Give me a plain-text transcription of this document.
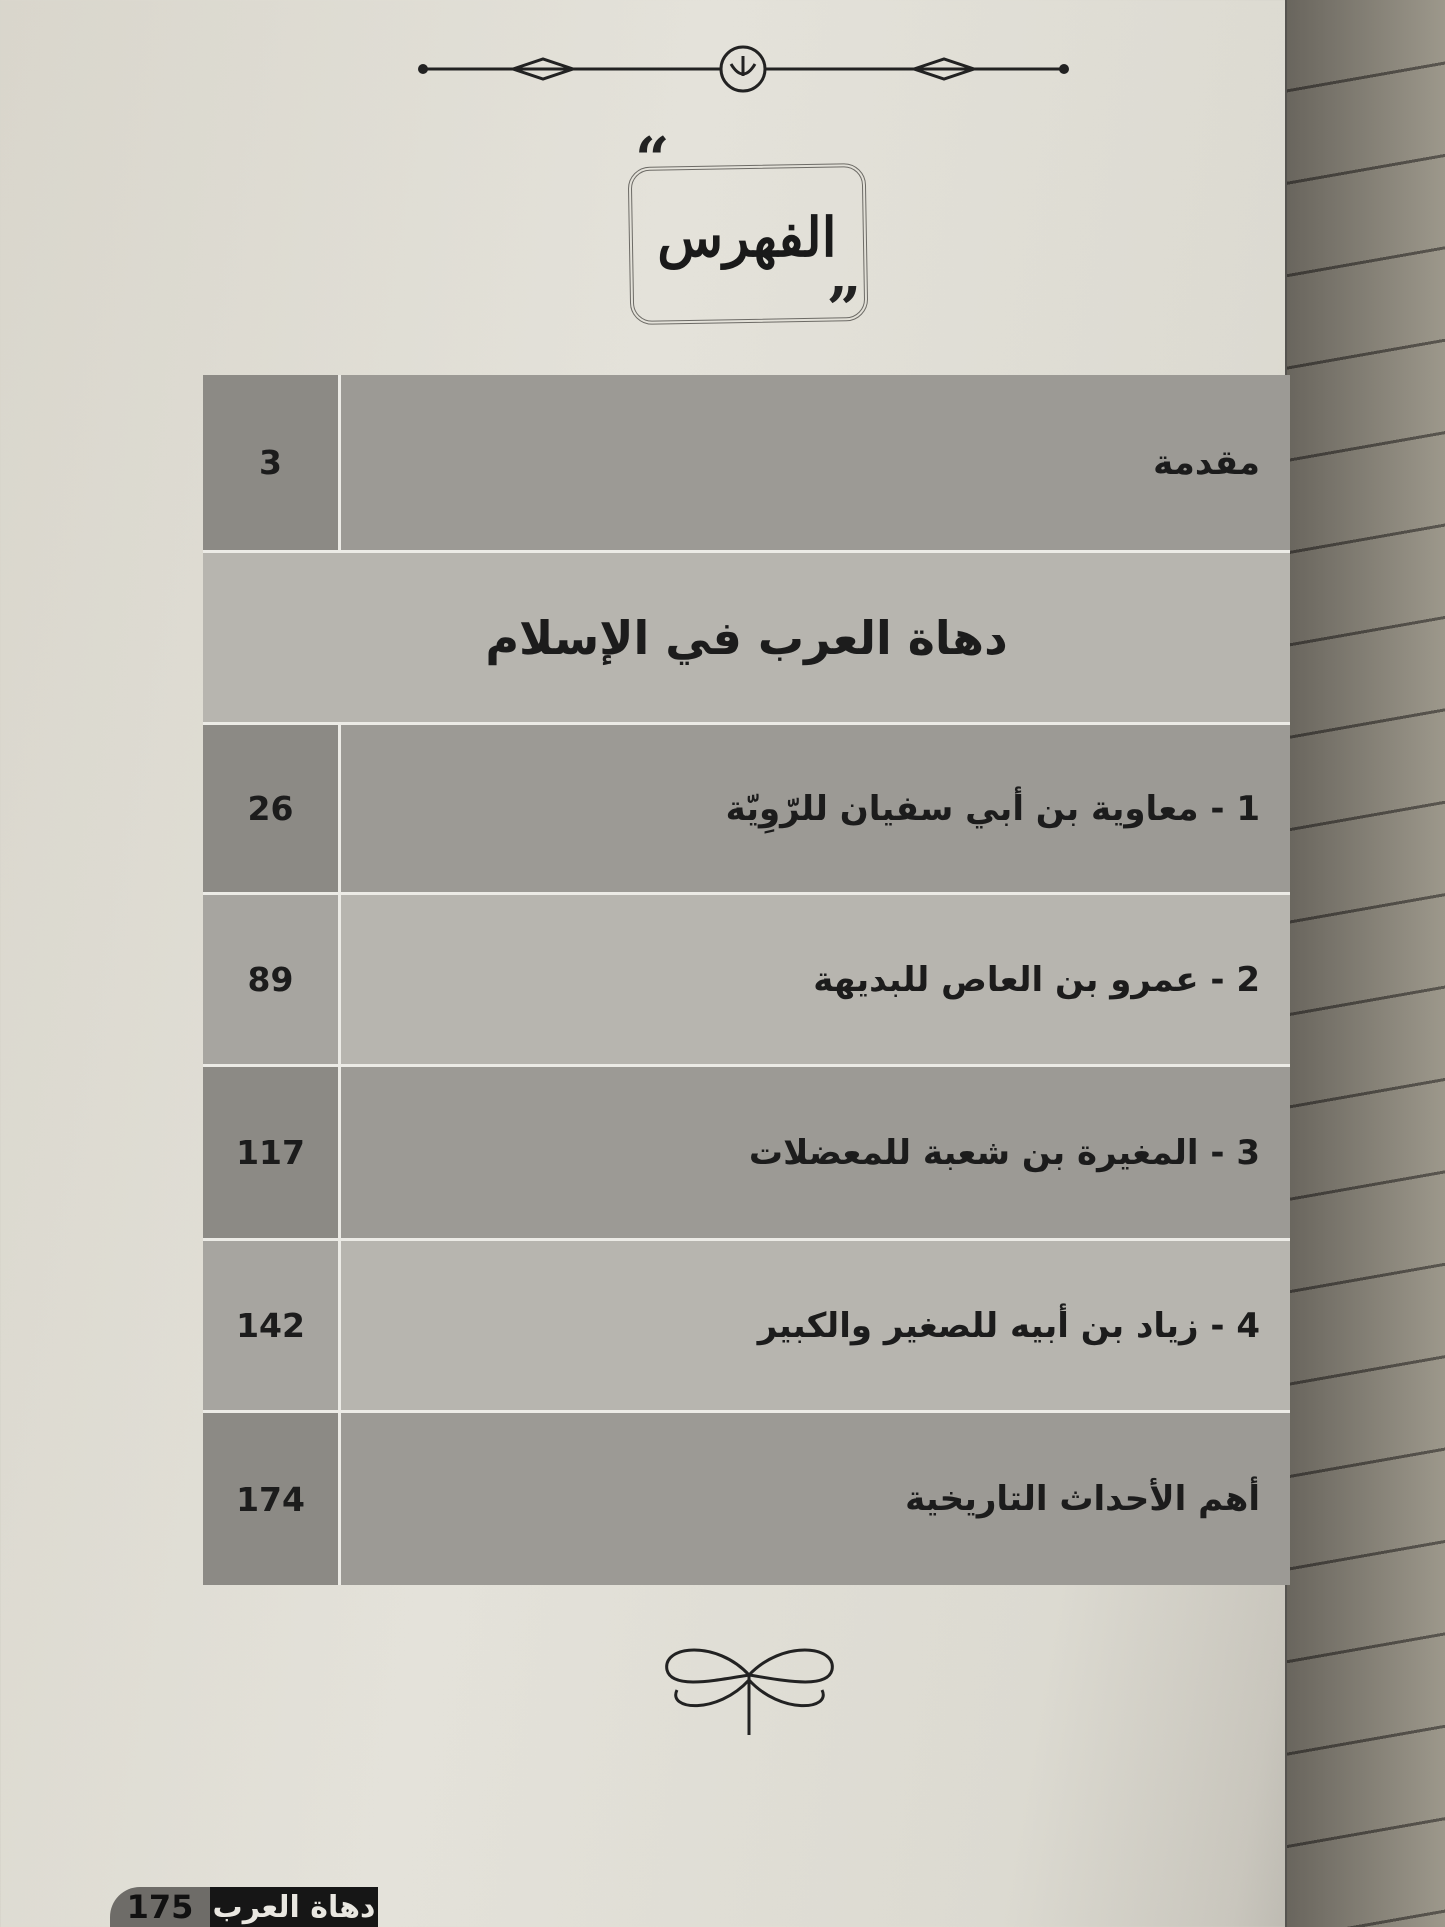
“
الفهرس
”
مقدمة
3
دهاة العرب في الإسلام
1 - معاوية بن أبي سفيان للرّوِيّة
26
2 - عمرو بن العاص للبديهة
89
3 - المغيرة بن شعبة للمعضلات
117
4 - زياد بن أبيه للصغير والكبير
142
أهم الأحداث التاريخية
174
175 دهاة العرب
